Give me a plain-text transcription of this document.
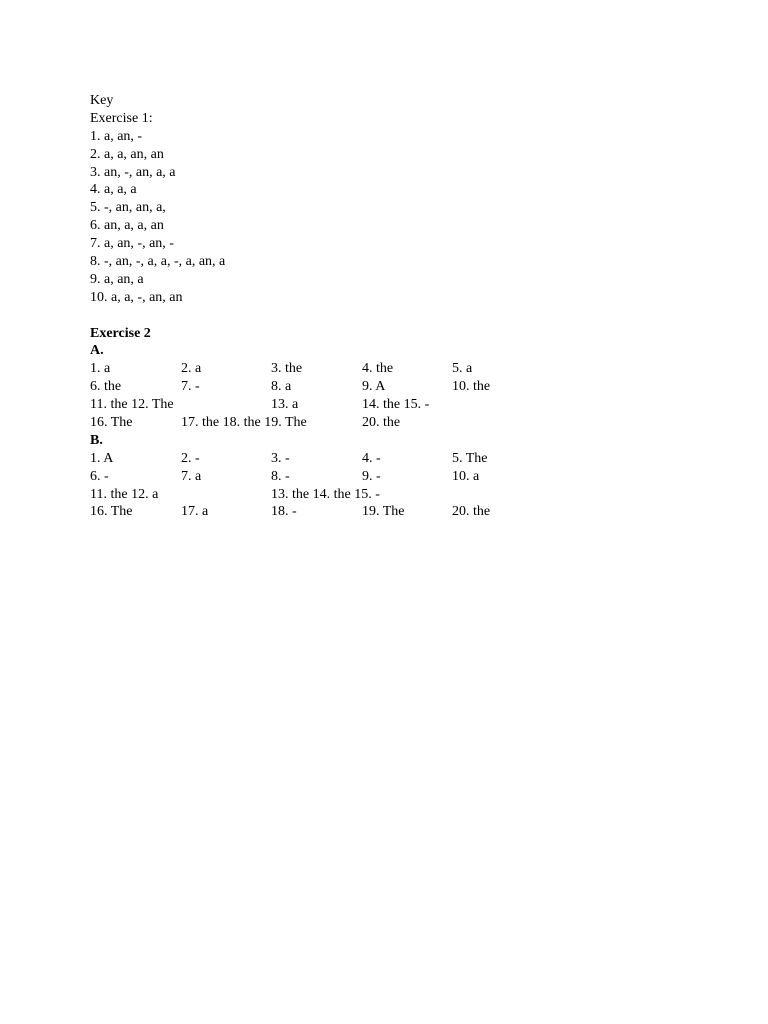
Key
Exercise 1:
1. a, an, -
2. a, a, an, an
3. an, -, an, a, a
4. a, a, a
5. -, an, an, a,
6. an, a, a, an
7. a, an, -, an, -
8. -, an, -, a, a, -, a, an, a
9. a, an, a
10. a, a, -, an, an
Exercise 2
A.
1. a	2. a	3. the	4. the	5. a
6. the	7. -	8. a	9. A	10. the
11. the 12. The	13. a	14. the 15. -
16. The	17. the 18. the 19. The	20. the
B.
1. A	2. -	3. -	4. -	5. The
6. -	7. a	8. -	9. -	10. a
11. the 12. a	13. the 14. the 15. -
16. The	17. a	18. -	19. The	20. the
